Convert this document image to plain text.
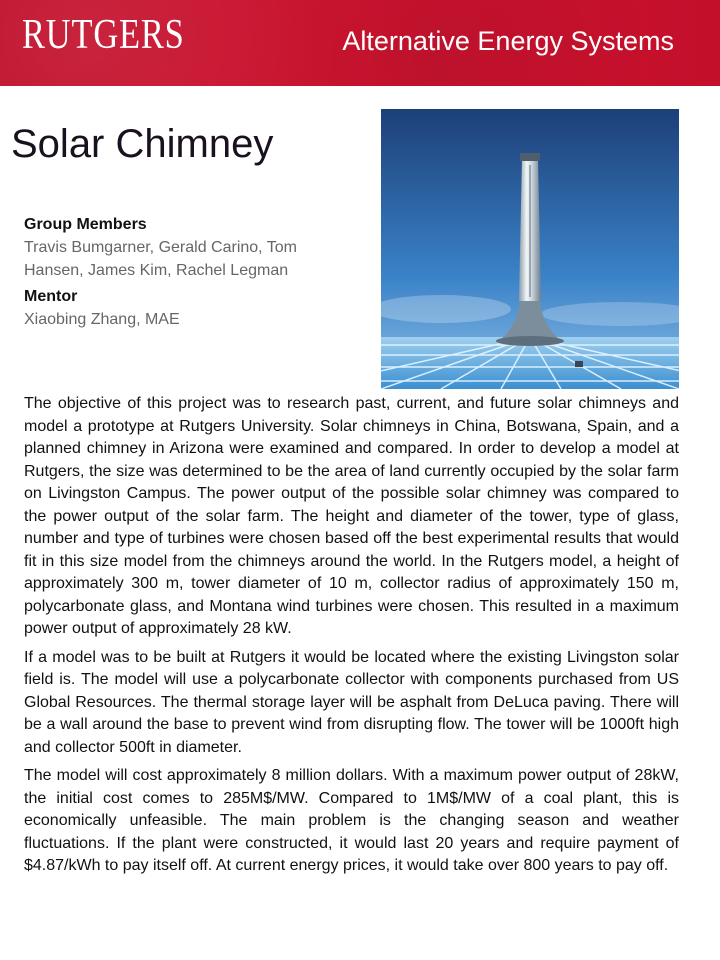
RUTGERS	Alternative Energy Systems
Solar Chimney

Group Members

Travis Bumgarner, Gerald Carino, Tom Hansen, James Kim, Rachel Legman

Mentor

Xiaobing Zhang, MAE

The objective of this project was to research past, current, and future solar chimneys and model a prototype at Rutgers University. Solar chimneys in China, Botswana, Spain, and a planned chimney in Arizona were examined and compared. In order to develop a model at Rutgers, the size was determined to be the area of land currently occupied by the solar farm on Livingston Campus. The power output of the possible solar chimney was compared to the power output of the solar farm. The height and diameter of the tower, type of glass, number and type of turbines were chosen based off the best experimental results that would fit in this size model from the chimneys around the world. In the Rutgers model, a height of approximately 300 m, tower diameter of 10 m, collector radius of approximately 150 m, polycarbonate glass, and Montana wind turbines were chosen. This resulted in a maximum power output of approximately 28 kW.

If a model was to be built at Rutgers it would be located where the existing Livingston solar field is. The model will use a polycarbonate collector with components purchased from US Global Resources. The thermal storage layer will be asphalt from DeLuca paving. There will be a wall around the base to prevent wind from disrupting flow. The tower will be 1000ft high and collector 500ft in diameter.

The model will cost approximately 8 million dollars. With a maximum power output of 28kW, the initial cost comes to 285M$/MW. Compared to 1M$/MW of a coal plant, this is economically unfeasible. The main problem is the changing season and weather fluctuations. If the plant were constructed, it would last 20 years and require payment of $4.87/kWh to pay itself off. At current energy prices, it would take over 800 years to pay off.
